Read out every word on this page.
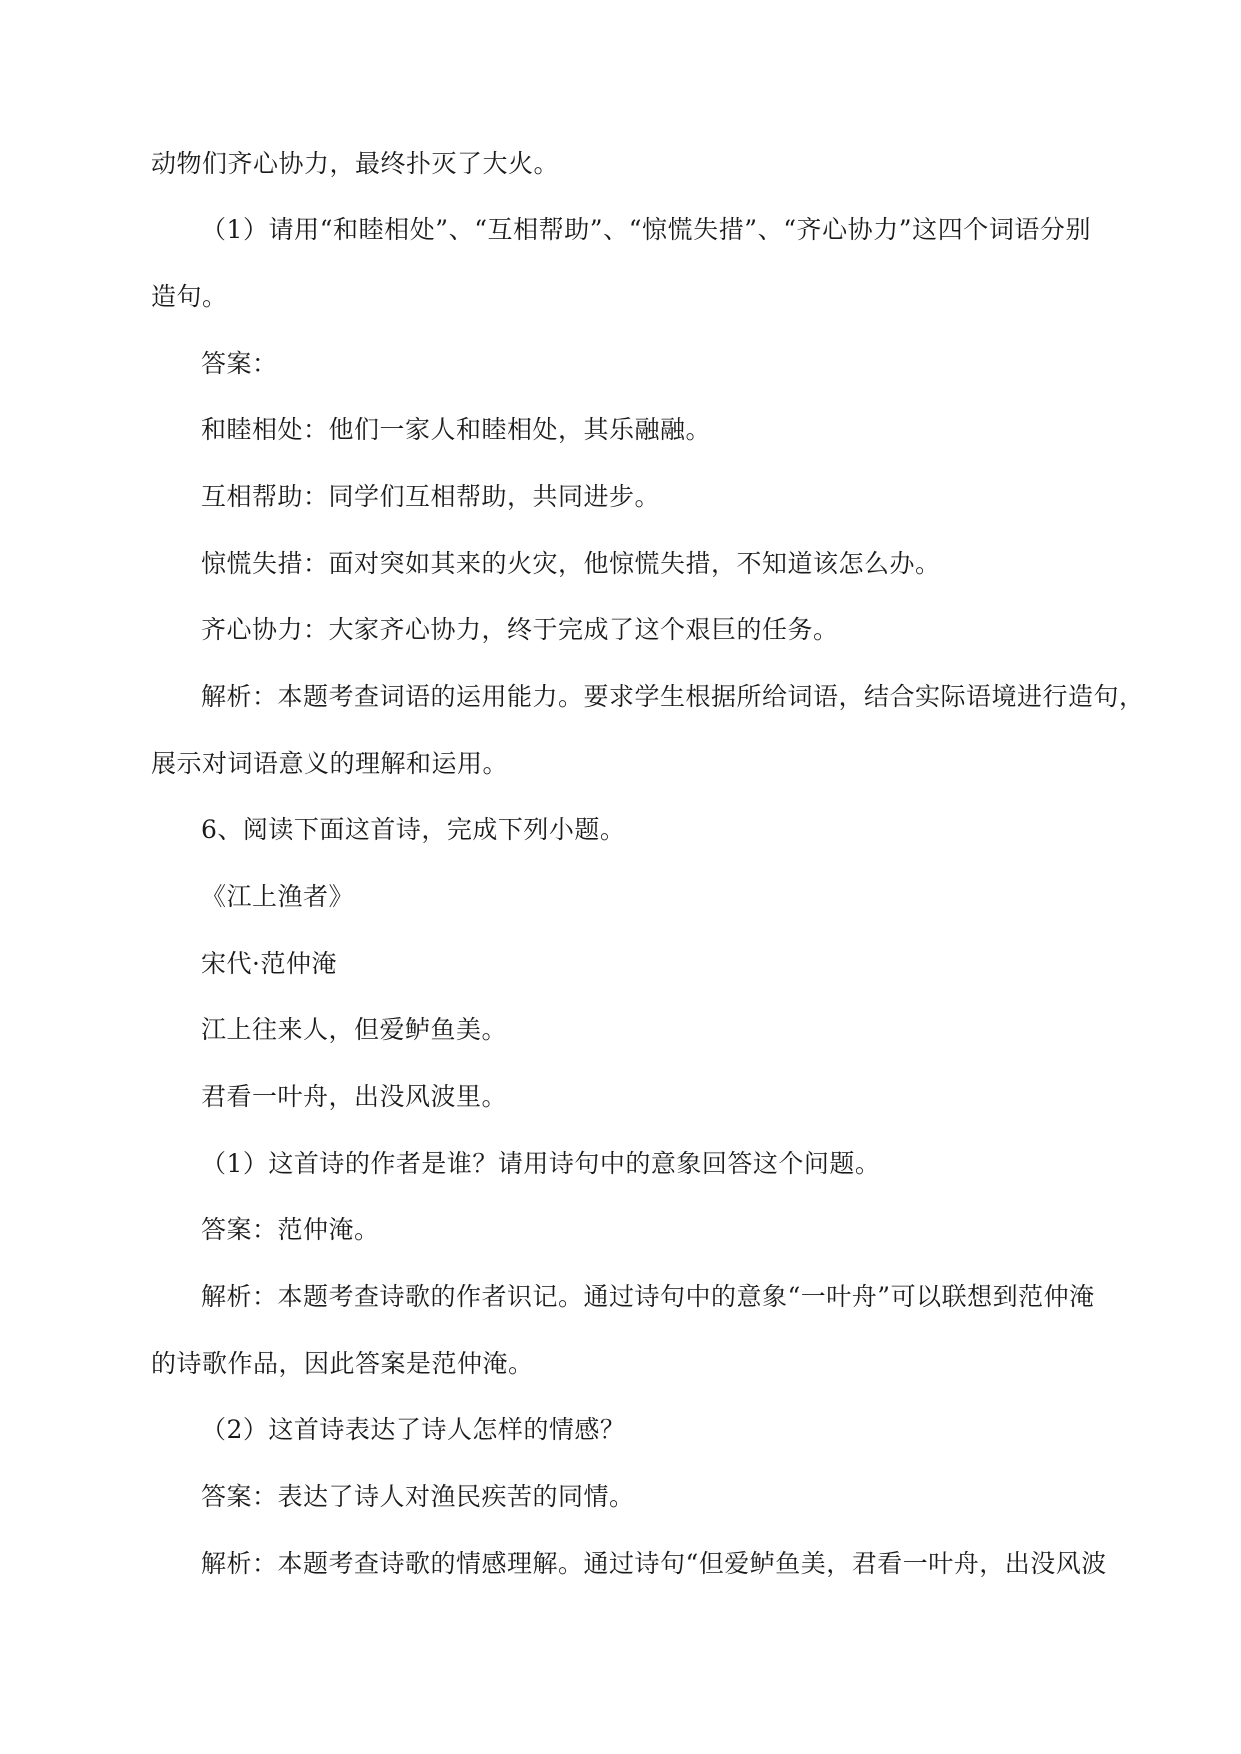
动物们齐心协力，最终扑灭了大火。
（1）请用“和睦相处”、“互相帮助”、“惊慌失措”、“齐心协力”这四个词语分别
造句。
答案：
和睦相处：他们一家人和睦相处，其乐融融。
互相帮助：同学们互相帮助，共同进步。
惊慌失措：面对突如其来的火灾，他惊慌失措，不知道该怎么办。
齐心协力：大家齐心协力，终于完成了这个艰巨的任务。
解析：本题考查词语的运用能力。要求学生根据所给词语，结合实际语境进行造句，
展示对词语意义的理解和运用。
6、阅读下面这首诗，完成下列小题。
《江上渔者》
宋代·范仲淹
江上往来人，但爱鲈鱼美。
君看一叶舟，出没风波里。
（1）这首诗的作者是谁？请用诗句中的意象回答这个问题。
答案：范仲淹。
解析：本题考查诗歌的作者识记。通过诗句中的意象“一叶舟”可以联想到范仲淹
的诗歌作品，因此答案是范仲淹。
（2）这首诗表达了诗人怎样的情感？
答案：表达了诗人对渔民疾苦的同情。
解析：本题考查诗歌的情感理解。通过诗句“但爱鲈鱼美，君看一叶舟，出没风波
